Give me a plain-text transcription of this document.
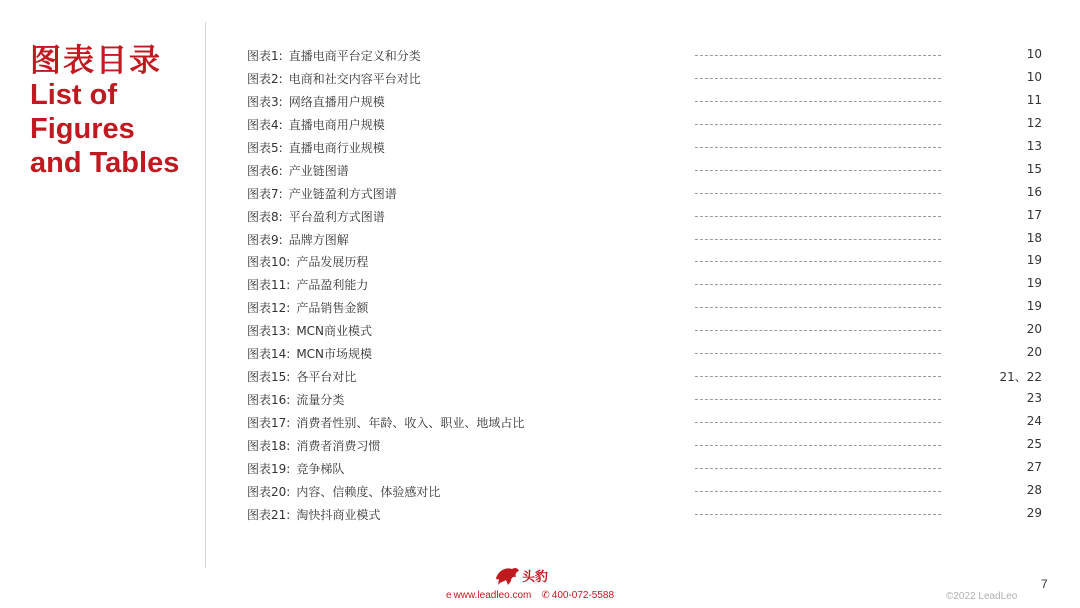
图表目录
List of
Figures
and Tables
图表1: 直播电商平台定义和分类	10
图表2: 电商和社交内容平台对比	10
图表3: 网络直播用户规模	11
图表4: 直播电商用户规模	12
图表5: 直播电商行业规模	13
图表6: 产业链图谱	15
图表7: 产业链盈利方式图谱	16
图表8: 平台盈利方式图谱	17
图表9: 品牌方图解	18
图表10: 产品发展历程	19
图表11: 产品盈利能力	19
图表12: 产品销售金额	19
图表13: MCN商业模式	20
图表14: MCN市场规模	20
图表15: 各平台对比	21、22
图表16: 流量分类	23
图表17: 消费者性别、年龄、收入、职业、地域占比	24
图表18: 消费者消费习惯	25
图表19: 竞争梯队	27
图表20: 内容、信赖度、体验感对比	28
图表21: 淘快抖商业模式	29
头豹
e www.leadleo.com ✆ 400-072-5588
7
©2022 LeadLeo
